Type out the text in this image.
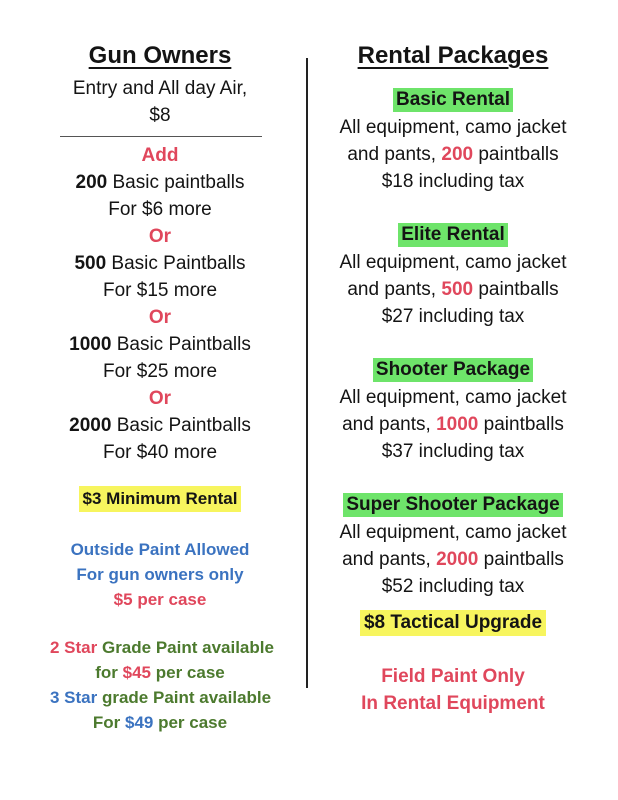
Gun Owners
Entry and All day Air,
$8
Add
200 Basic paintballs
For $6 more
Or
500 Basic Paintballs
For $15 more
Or
1000 Basic Paintballs
For $25 more
Or
2000 Basic Paintballs
For $40 more
$3 Minimum Rental
Outside Paint Allowed
For gun owners only
$5 per case
2 Star Grade Paint available
for $45 per case
3 Star grade Paint available
For $49 per case
Rental Packages
Basic Rental
All equipment, camo jacket
and pants, 200 paintballs
$18 including tax
Elite Rental
All equipment, camo jacket
and pants, 500 paintballs
$27 including tax
Shooter Package
All equipment, camo jacket
and pants, 1000 paintballs
$37 including tax
Super Shooter Package
All equipment, camo jacket
and pants, 2000 paintballs
$52 including tax
$8 Tactical Upgrade
Field Paint Only
In Rental Equipment
